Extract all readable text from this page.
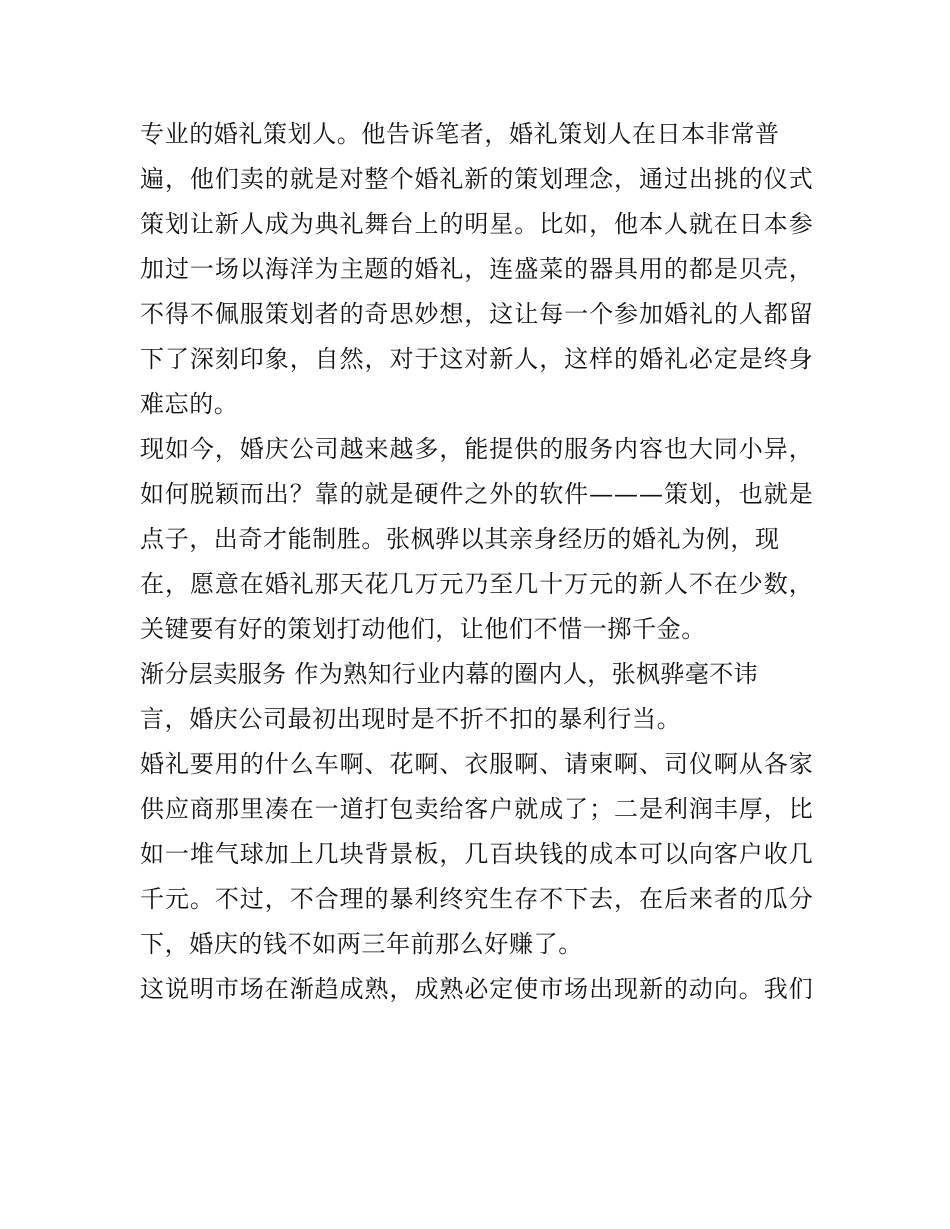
专业的婚礼策划人。他告诉笔者，婚礼策划人在日本非常普

遍，他们卖的就是对整个婚礼新的策划理念，通过出挑的仪式

策划让新人成为典礼舞台上的明星。比如，他本人就在日本参

加过一场以海洋为主题的婚礼，连盛菜的器具用的都是贝壳，

不得不佩服策划者的奇思妙想，这让每一个参加婚礼的人都留

下了深刻印象，自然，对于这对新人，这样的婚礼必定是终身

难忘的。

现如今，婚庆公司越来越多，能提供的服务内容也大同小异，

如何脱颖而出？靠的就是硬件之外的软件———策划，也就是

点子，出奇才能制胜。张枫骅以其亲身经历的婚礼为例，现

在，愿意在婚礼那天花几万元乃至几十万元的新人不在少数，

关键要有好的策划打动他们，让他们不惜一掷千金。

渐分层卖服务 作为熟知行业内幕的圈内人，张枫骅毫不讳

言，婚庆公司最初出现时是不折不扣的暴利行当。

婚礼要用的什么车啊、花啊、衣服啊、请柬啊、司仪啊从各家

供应商那里凑在一道打包卖给客户就成了；二是利润丰厚，比

如一堆气球加上几块背景板，几百块钱的成本可以向客户收几

千元。不过，不合理的暴利终究生存不下去，在后来者的瓜分

下，婚庆的钱不如两三年前那么好赚了。

这说明市场在渐趋成熟，成熟必定使市场出现新的动向。我们
